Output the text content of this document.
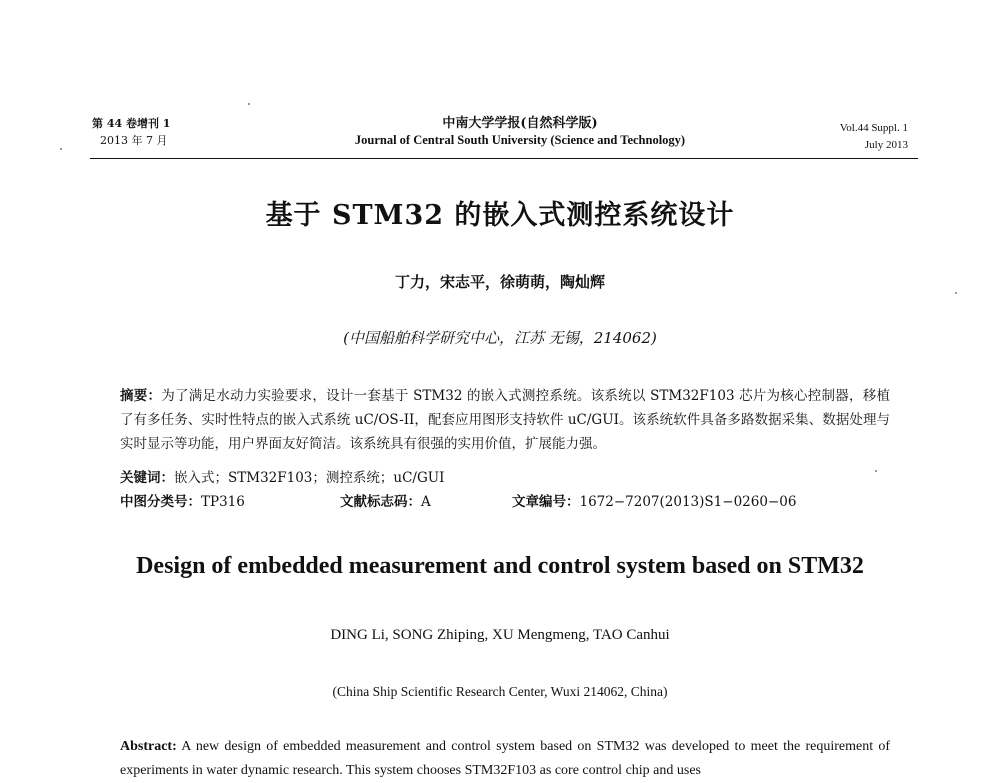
第 44 卷增刊 1
2013 年 7 月
中南大学学报(自然科学版)
Journal of Central South University (Science and Technology)
Vol.44 Suppl. 1
July 2013
基于 STM32 的嵌入式测控系统设计
丁力，宋志平，徐萌萌，陶灿辉
(中国船舶科学研究中心，江苏 无锡，214062)
摘要：为了满足水动力实验要求，设计一套基于 STM32 的嵌入式测控系统。该系统以 STM32F103 芯片为核心控制器，移植了有多任务、实时性特点的嵌入式系统 uC/OS-II，配套应用图形支持软件 uC/GUI。该系统软件具备多路数据采集、数据处理与实时显示等功能，用户界面友好简洁。该系统具有很强的实用价值，扩展能力强。
关键词：嵌入式；STM32F103；测控系统；uC/GUI
中图分类号：TP316	文献标志码：A	文章编号：1672−7207(2013)S1−0260−06
Design of embedded measurement and control system based on STM32
DING Li, SONG Zhiping, XU Mengmeng, TAO Canhui
(China Ship Scientific Research Center, Wuxi 214062, China)
Abstract: A new design of embedded measurement and control system based on STM32 was developed to meet the requirement of experiments in water dynamic research. This system chooses STM32F103 as core control chip and uses
